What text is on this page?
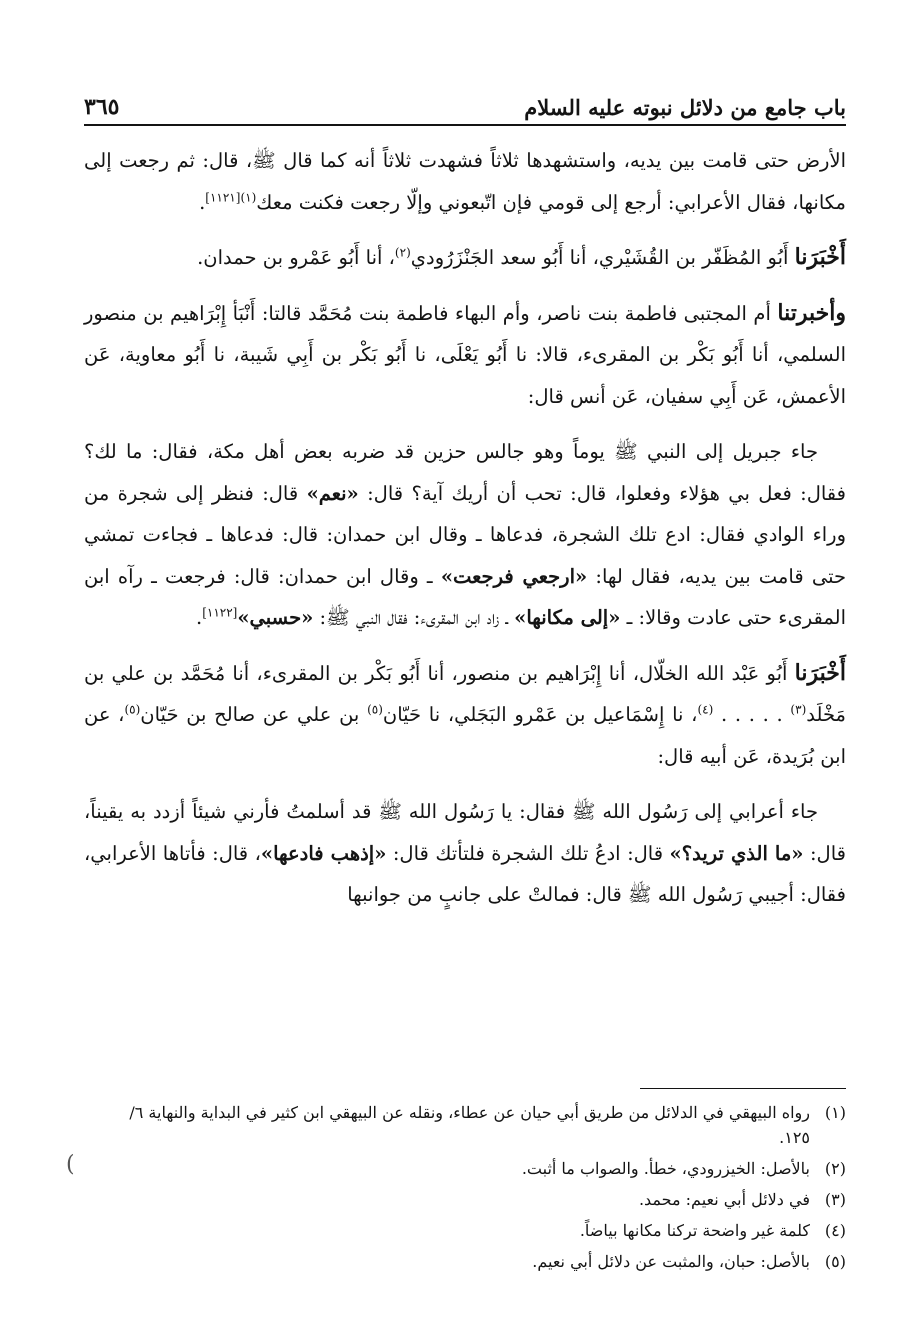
٣٦٥	باب جامع من دلائل نبوته عليه السلام

الأرض حتى قامت بين يديه، واستشهدها ثلاثاً فشهدت ثلاثاً أنه كما قال ﷺ، قال: ثم رجعت إلى مكانها، فقال الأعرابي: أرجع إلى قومي فإن اتّبعوني وإلّا رجعت فكنت معك$^{(١)[١١٢١]}$.

أَخْبَرَنا أَبُو المُظَفّر بن القُشَيْري، أنا أَبُو سعد الجَنْزَرُودي$^{(٢)}$، أنا أَبُو عَمْرو بن حمدان.

وأخبرتنا أم المجتبى فاطمة بنت ناصر، وأم البهاء فاطمة بنت مُحَمَّد قالتا: أَنْبَأ إِبْرَاهيم بن منصور السلمي، أنا أَبُو بَكْر بن المقرىء، قالا: نا أَبُو يَعْلَى، نا أَبُو بَكْر بن أَبِي شَيبة، نا أَبُو معاوية، عَن الأعمش، عَن أَبِي سفيان، عَن أنس قال:

جاء جبريل إلى النبي ﷺ يوماً وهو جالس حزين قد ضربه بعض أهل مكة، فقال: ما لك؟ فقال: فعل بي هؤلاء وفعلوا، قال: تحب أن أريك آية؟ قال: «نعم» قال: فنظر إلى شجرة من وراء الوادي فقال: ادع تلك الشجرة، فدعاها ـ وقال ابن حمدان: قال: فدعاها ـ فجاءت تمشي حتى قامت بين يديه، فقال لها: «ارجعي فرجعت» ـ وقال ابن حمدان: قال: فرجعت ـ رآه ابن المقرىء حتى عادت وقالا: ـ «إلى مكانها» ـ زاد ابن المقرىء: فقال النبي ﷺ: «حسبي»[١١٢٢].

أَخْبَرَنا أَبُو عَبْد الله الخلّال، أنا إِبْرَاهيم بن منصور، أنا أَبُو بَكْر بن المقرىء، أنا مُحَمَّد بن علي بن مَخْلَد$^{(٣)}$ . . . . . $^{(٤)}$، نا إِسْمَاعيل بن عَمْرو البَجَلي، نا حَيّان$^{(٥)}$ بن علي عن صالح بن حَيّان$^{(٥)}$، عن ابن بُرَيدة، عَن أبيه قال:

جاء أعرابي إلى رَسُول الله ﷺ فقال: يا رَسُول الله ﷺ قد أسلمتُ فأرني شيئاً أزدد به يقيناً، قال: «ما الذي تريد؟» قال: ادعُ تلك الشجرة فلتأتك قال: «إذهب فادعها»، قال: فأتاها الأعرابي، فقال: أجيبي رَسُول الله ﷺ قال: فمالتْ على جانبٍ من جوانبها

(١)
رواه البيهقي في الدلائل من طريق أبي حيان عن عطاء، ونقله عن البيهقي ابن كثير في البداية والنهاية ٦/ ١٢٥.
(٢)
بالأصل: الخيزرودي، خطأ. والصواب ما أثبت.
(٣)
في دلائل أبي نعيم: محمد.
(٤)
كلمة غير واضحة تركنا مكانها بياضاً.
(٥)
بالأصل: حبان، والمثبت عن دلائل أبي نعيم.
(
